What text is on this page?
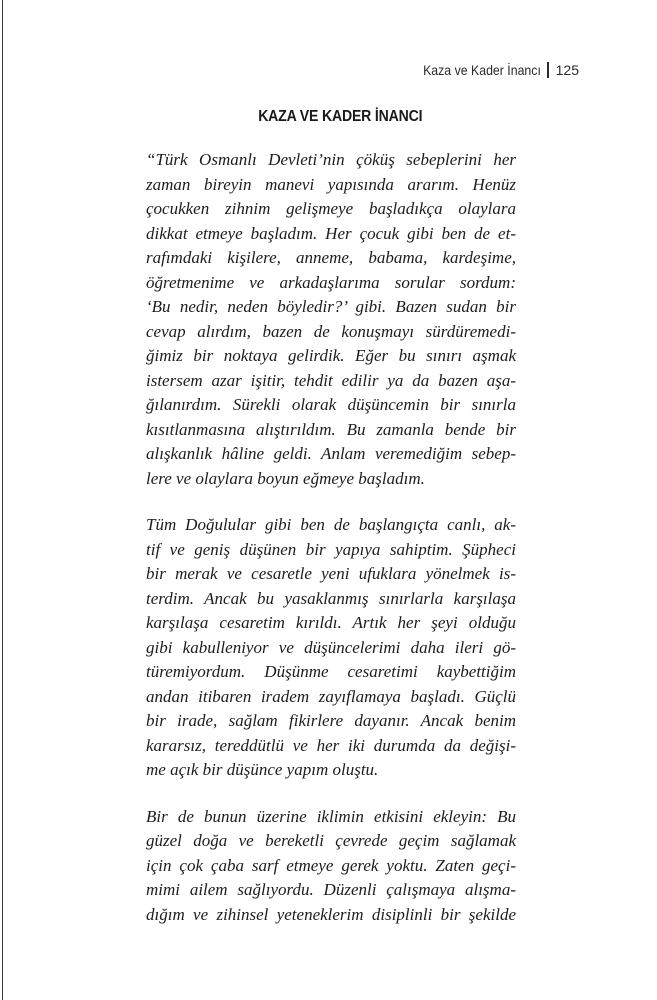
Kaza ve Kader İnancı 125
KAZA VE KADER İNANCI
“Türk Osmanlı Devleti’nin çöküş sebeplerini her
zaman bireyin manevi yapısında ararım. Henüz
çocukken zihnim gelişmeye başladıkça olaylara
dikkat etmeye başladım. Her çocuk gibi ben de et-
rafımdaki kişilere, anneme, babama, kardeşime,
öğretmenime ve arkadaşlarıma sorular sordum:
‘Bu nedir, neden böyledir?’ gibi. Bazen sudan bir
cevap alırdım, bazen de konuşmayı sürdüremedi-
ğimiz bir noktaya gelirdik. Eğer bu sınırı aşmak
istersem azar işitir, tehdit edilir ya da bazen aşa-
ğılanırdım. Sürekli olarak düşüncemin bir sınırla
kısıtlanmasına alıştırıldım. Bu zamanla bende bir
alışkanlık hâline geldi. Anlam veremediğim sebep-
lere ve olaylara boyun eğmeye başladım.
Tüm Doğulular gibi ben de başlangıçta canlı, ak-
tif ve geniş düşünen bir yapıya sahiptim. Şüpheci
bir merak ve cesaretle yeni ufuklara yönelmek is-
terdim. Ancak bu yasaklanmış sınırlarla karşılaşa
karşılaşa cesaretim kırıldı. Artık her şeyi olduğu
gibi kabulleniyor ve düşüncelerimi daha ileri gö-
türemiyordum. Düşünme cesaretimi kaybettiğim
andan itibaren iradem zayıflamaya başladı. Güçlü
bir irade, sağlam fikirlere dayanır. Ancak benim
kararsız, tereddütlü ve her iki durumda da değişi-
me açık bir düşünce yapım oluştu.
Bir de bunun üzerine iklimin etkisini ekleyin: Bu
güzel doğa ve bereketli çevrede geçim sağlamak
için çok çaba sarf etmeye gerek yoktu. Zaten geçi-
mimi ailem sağlıyordu. Düzenli çalışmaya alışma-
dığım ve zihinsel yeteneklerim disiplinli bir şekilde
